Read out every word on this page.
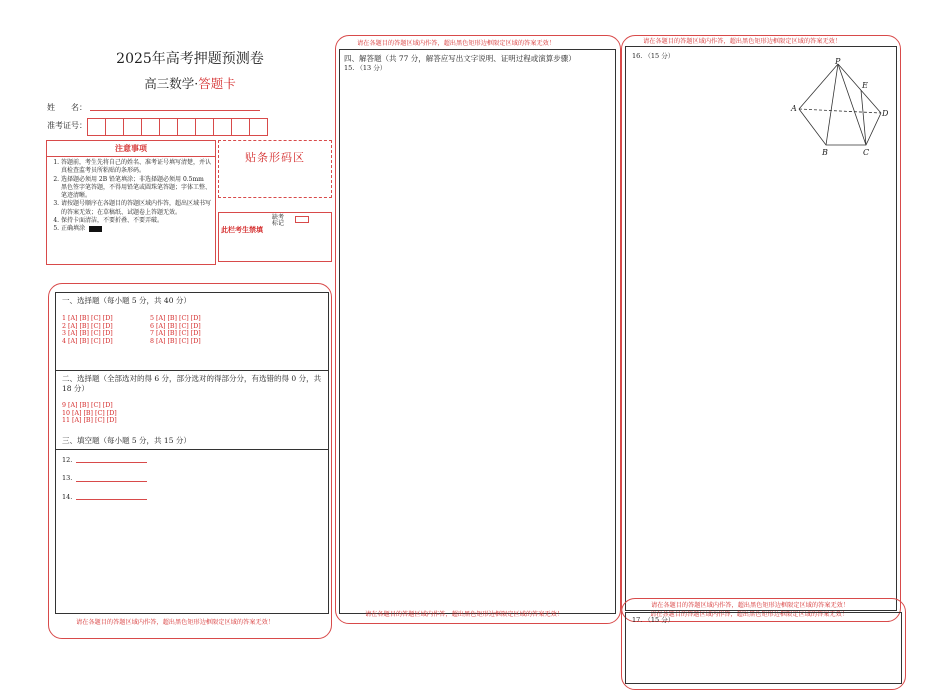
2025年高考押题预测卷
高三数学·答题卡
姓　　名：
准考证号：
注意事项
1. 答题前，考生先将自己的姓名、准考证号填写清楚，并认真检查监考员所粘贴的条形码。
2. 选择题必须用 2B 铅笔填涂；非选择题必须用 0.5mm 黑色签字笔答题，不得用铅笔或圆珠笔答题；字体工整、笔迹清晰。
3. 请按题号顺序在各题目的答题区域内作答，超出区域书写的答案无效；在草稿纸、试题卷上答题无效。
4. 保持卡面清洁，不要折叠、不要弄破。
5. 正确填涂
贴条形码区
此栏考生禁填
缺考标记
一、选择题（每小题 5 分，共 40 分）
1 [A] [B] [C] [D]
2 [A] [B] [C] [D]
3 [A] [B] [C] [D]
4 [A] [B] [C] [D]
5 [A] [B] [C] [D]
6 [A] [B] [C] [D]
7 [A] [B] [C] [D]
8 [A] [B] [C] [D]
二、选择题（全部选对的得 6 分，部分选对的得部分分，有选错的得 0 分，共 18 分）
9 [A] [B] [C] [D]
10 [A] [B] [C] [D]
11 [A] [B] [C] [D]
三、填空题（每小题 5 分，共 15 分）
12.
13.
14.
请在各题目的答题区域内作答，超出黑色矩形边框限定区域的答案无效！
请在各题目的答题区域内作答，超出黑色矩形边框限定区域的答案无效！
四、解答题（共 77 分，解答应写出文字说明、证明过程或演算步骤）
15. （13 分）
请在各题目的答题区域内作答，超出黑色矩形边框限定区域的答案无效！
请在各题目的答题区域内作答，超出黑色矩形边框限定区域的答案无效！
16. （15 分）
P
E
A
D
B	C
请在各题目的答题区域内作答，超出黑色矩形边框限定区域的答案无效！
请在各题目的答题区域内作答，超出黑色矩形边框限定区域的答案无效！
17. （15 分）
